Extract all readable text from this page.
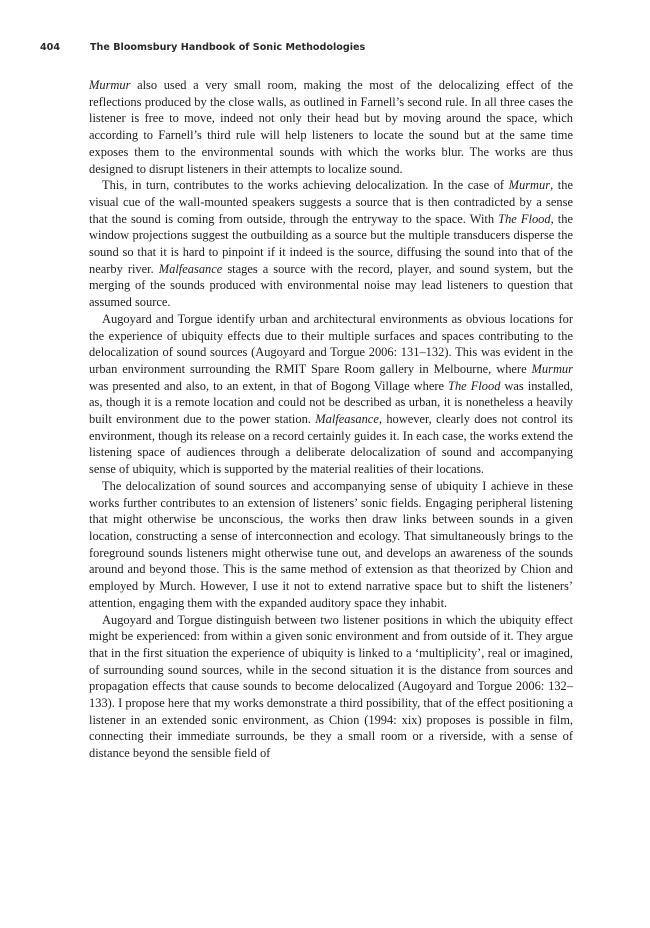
404	The Bloomsbury Handbook of Sonic Methodologies

Murmur also used a very small room, making the most of the delocalizing effect of the reflections produced by the close walls, as outlined in Farnell’s second rule. In all three cases the listener is free to move, indeed not only their head but by moving around the space, which according to Farnell’s third rule will help listeners to locate the sound but at the same time exposes them to the environmental sounds with which the works blur. The works are thus designed to disrupt listeners in their attempts to localize sound.

This, in turn, contributes to the works achieving delocalization. In the case of Murmur, the visual cue of the wall-mounted speakers suggests a source that is then contradicted by a sense that the sound is coming from outside, through the entryway to the space. With The Flood, the window projections suggest the outbuilding as a source but the multiple transducers disperse the sound so that it is hard to pinpoint if it indeed is the source, diffusing the sound into that of the nearby river. Malfeasance stages a source with the record, player, and sound system, but the merging of the sounds produced with environmental noise may lead listeners to question that assumed source.

Augoyard and Torgue identify urban and architectural environments as obvious locations for the experience of ubiquity effects due to their multiple surfaces and spaces contributing to the delocalization of sound sources (Augoyard and Torgue 2006: 131–132). This was evident in the urban environment surrounding the RMIT Spare Room gallery in Melbourne, where Murmur was presented and also, to an extent, in that of Bogong Village where The Flood was installed, as, though it is a remote location and could not be described as urban, it is nonetheless a heavily built environment due to the power station. Malfeasance, however, clearly does not control its environment, though its release on a record certainly guides it. In each case, the works extend the listening space of audiences through a deliberate delocalization of sound and accompanying sense of ubiquity, which is supported by the material realities of their locations.

The delocalization of sound sources and accompanying sense of ubiquity I achieve in these works further contributes to an extension of listeners’ sonic fields. Engaging peripheral listening that might otherwise be unconscious, the works then draw links between sounds in a given location, constructing a sense of interconnection and ecology. That simultaneously brings to the foreground sounds listeners might otherwise tune out, and develops an awareness of the sounds around and beyond those. This is the same method of extension as that theorized by Chion and employed by Murch. However, I use it not to extend narrative space but to shift the listeners’ attention, engaging them with the expanded auditory space they inhabit.

Augoyard and Torgue distinguish between two listener positions in which the ubiquity effect might be experienced: from within a given sonic environment and from outside of it. They argue that in the first situation the experience of ubiquity is linked to a ‘multiplicity’, real or imagined, of surrounding sound sources, while in the second situation it is the distance from sources and propagation effects that cause sounds to become delocalized (Augoyard and Torgue 2006: 132–133). I propose here that my works demonstrate a third possibility, that of the effect positioning a listener in an extended sonic environment, as Chion (1994: xix) proposes is possible in film, connecting their immediate surrounds, be they a small room or a riverside, with a sense of distance beyond the sensible field of
